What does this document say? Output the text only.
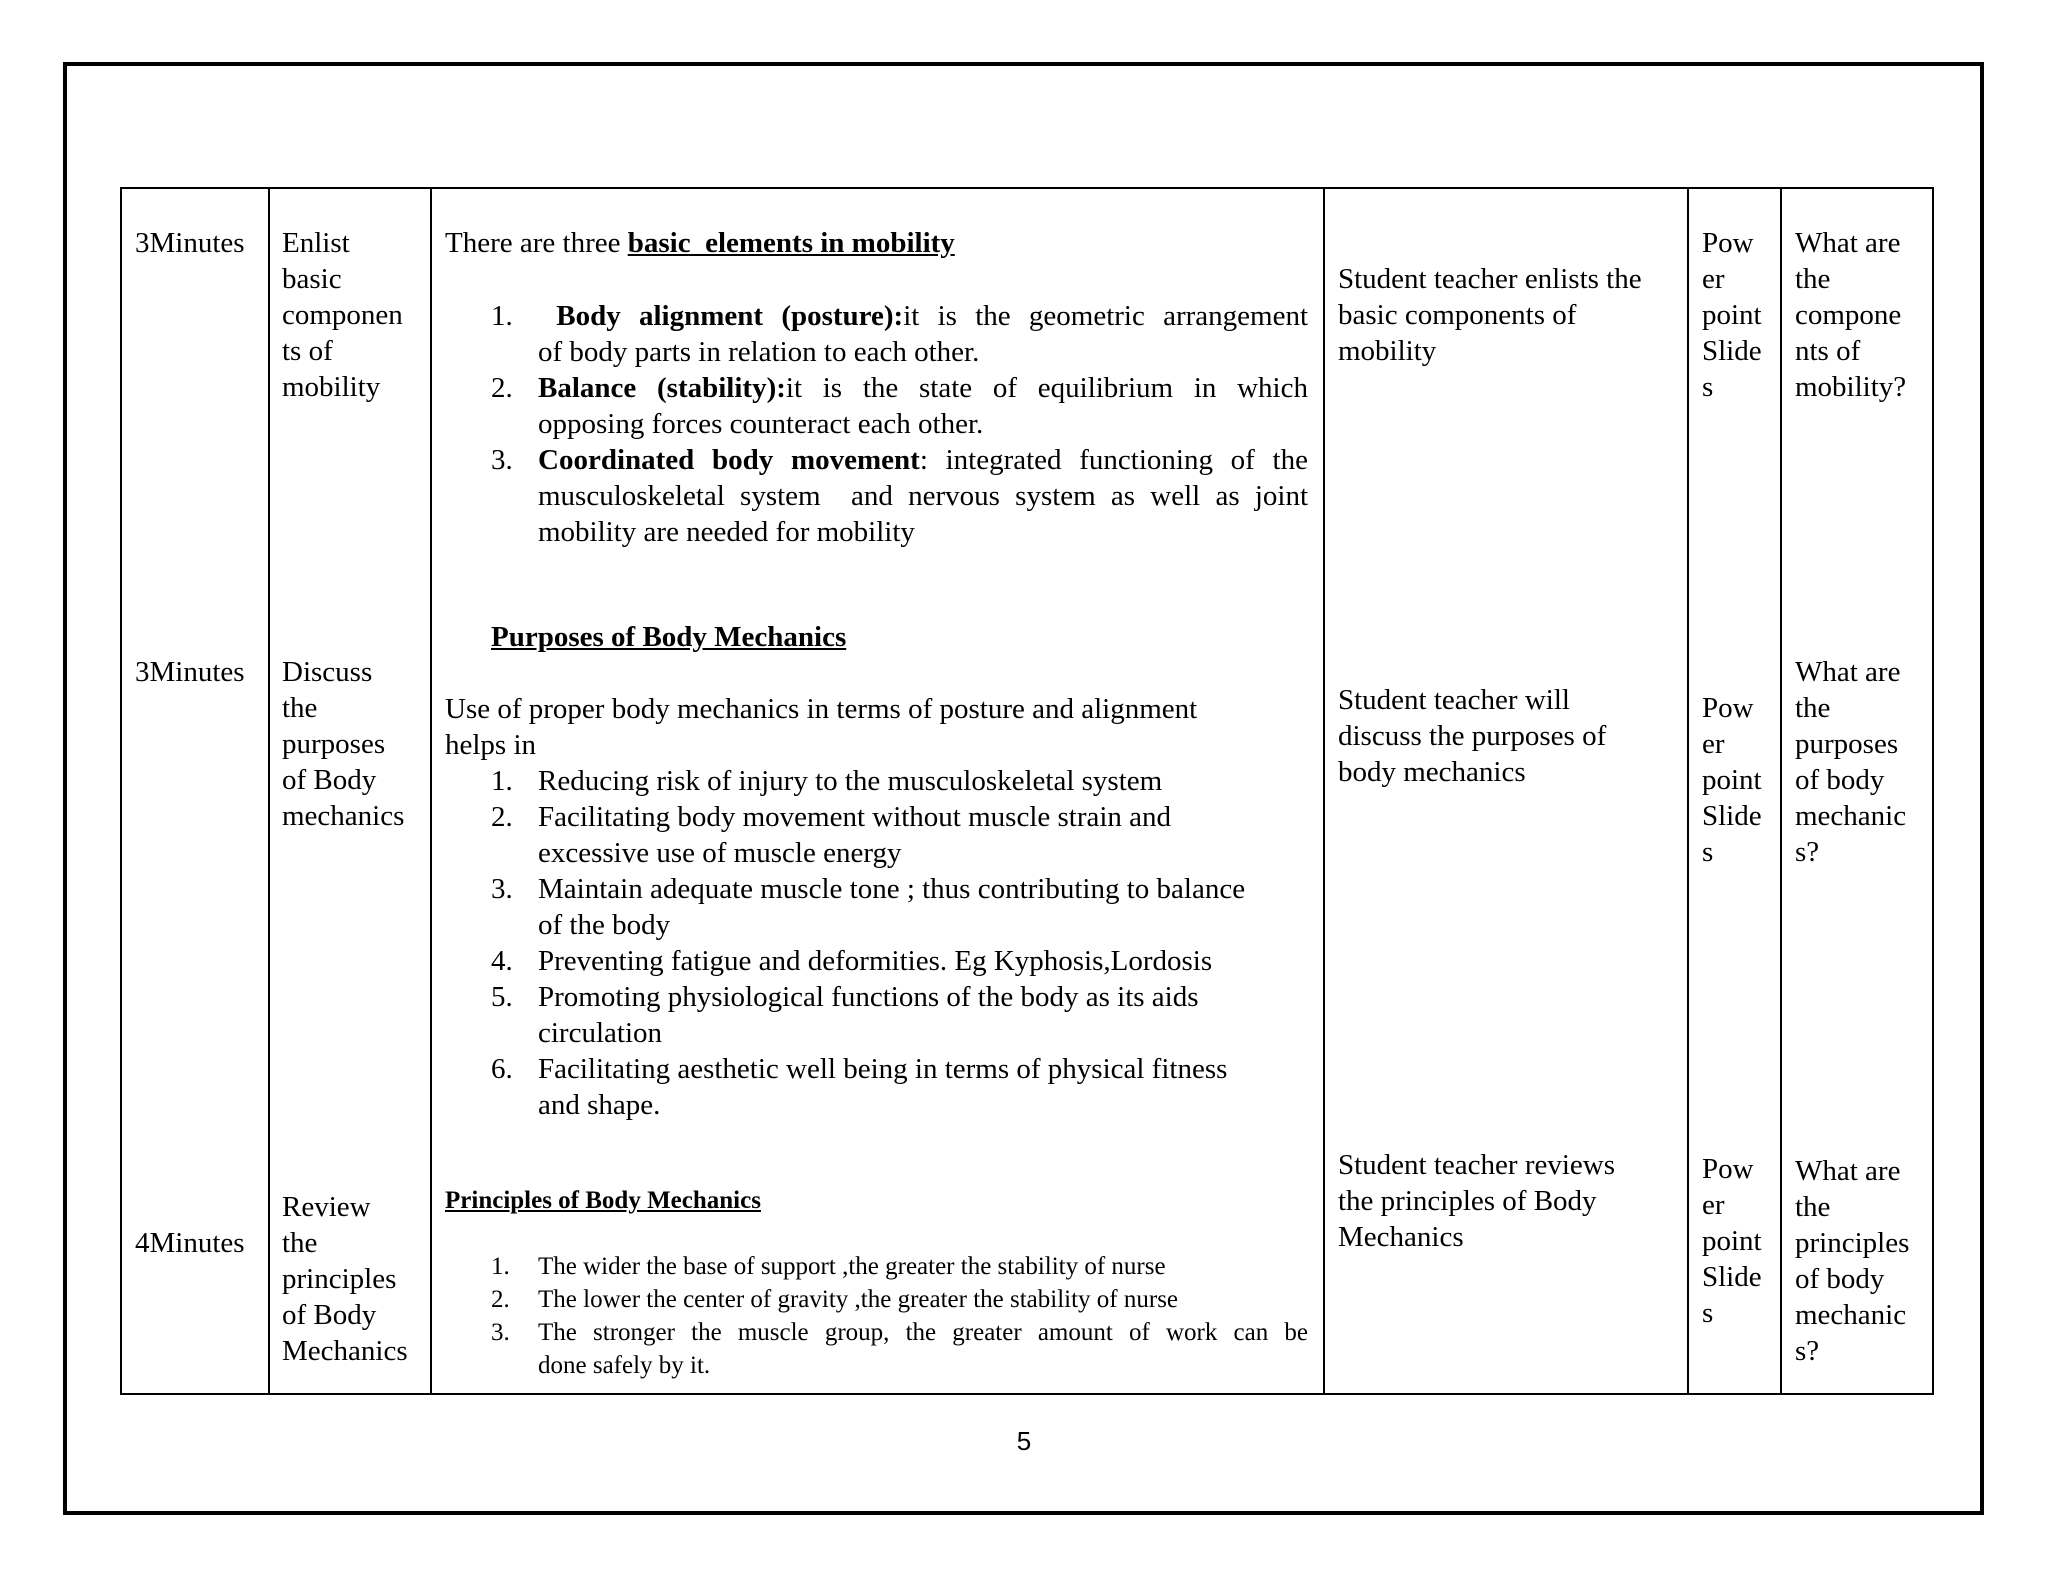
3Minutes Enlist
basic
componen
ts of
mobility
There are three basic  elements in mobility
1.	Body alignment (posture):it is the geometric arrangement
of body parts in relation to each other.
2. Balance (stability):it is the state of equilibrium in which
opposing forces counteract each other.
3. Coordinated body movement: integrated functioning of the
musculoskeletal system  and nervous system as well as joint
mobility are needed for mobility
Student teacher enlists the
basic components of
mobility
Pow
er
point
Slide
s
What are
the
compone
nts of
mobility?
Purposes of Body Mechanics
3Minutes Discuss
the
purposes
of Body
mechanics
Use of proper body mechanics in terms of posture and alignment
helps in
1. Reducing risk of injury to the musculoskeletal system
2. Facilitating body movement without muscle strain and
excessive use of muscle energy
3. Maintain adequate muscle tone ; thus contributing to balance
of the body
4. Preventing fatigue and deformities. Eg Kyphosis,Lordosis
5. Promoting physiological functions of the body as its aids
circulation
6. Facilitating aesthetic well being in terms of physical fitness
and shape.
Student teacher will
discuss the purposes of
body mechanics
Pow
er
point
Slide
s
What are
the
purposes
of body
mechanic
s?
Student teacher reviews
the principles of Body
Mechanics
Pow
er
point
Slide
s
What are
the
principles
of body
mechanic
s?
Principles of Body Mechanics
Review
the
principles
of Body
Mechanics
4Minutes
1. The wider the base of support ,the greater the stability of nurse
2. The lower the center of gravity ,the greater the stability of nurse
3. The stronger the muscle group, the greater amount of work can be
done safely by it.
5
